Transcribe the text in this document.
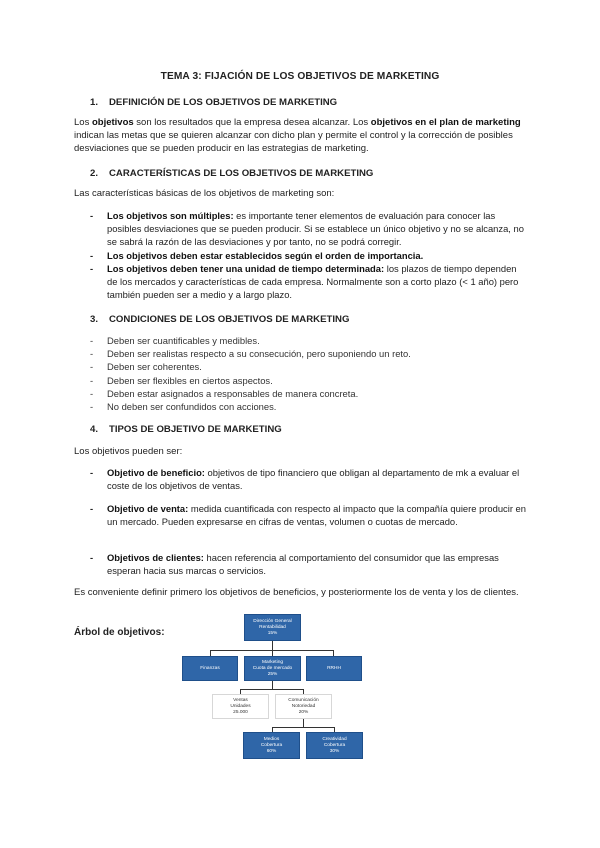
TEMA 3: FIJACIÓN DE LOS OBJETIVOS DE MARKETING
1. DEFINICIÓN DE LOS OBJETIVOS DE MARKETING
Los objetivos son los resultados que la empresa desea alcanzar. Los objetivos en el plan de marketing indican las metas que se quieren alcanzar con dicho plan y permite el control y la corrección de posibles desviaciones que se pueden producir en las estrategias de marketing.
2. CARACTERÍSTICAS DE LOS OBJETIVOS DE MARKETING
Las características básicas de los objetivos de marketing son:
- Los objetivos son múltiples: es importante tener elementos de evaluación para conocer las posibles desviaciones que se pueden producir. Si se establece un único objetivo y no se alcanza, no se sabrá la razón de las desviaciones y por tanto, no se podrá corregir.
- Los objetivos deben estar establecidos según el orden de importancia.
- Los objetivos deben tener una unidad de tiempo determinada: los plazos de tiempo dependen de los mercados y características de cada empresa. Normalmente son a corto plazo (< 1 año) pero también pueden ser a medio y a largo plazo.
3. CONDICIONES DE LOS OBJETIVOS DE MARKETING
- Deben ser cuantificables y medibles.
- Deben ser realistas respecto a su consecución, pero suponiendo un reto.
- Deben ser coherentes.
- Deben ser flexibles en ciertos aspectos.
- Deben estar asignados a responsables de manera concreta.
- No deben ser confundidos con acciones.
4. TIPOS DE OBJETIVO DE MARKETING
Los objetivos pueden ser:
- Objetivo de beneficio: objetivos de tipo financiero que obligan al departamento de mk a evaluar el coste de los objetivos de ventas.
- Objetivo de venta: medida cuantificada con respecto al impacto que la compañía quiere producir en un mercado. Pueden expresarse en cifras de ventas, volumen o cuotas de mercado.
- Objetivos de clientes: hacen referencia al comportamiento del consumidor que las empresas esperan hacia sus marcas o servicios.
Es conveniente definir primero los objetivos de beneficios, y posteriormente los de venta y los de clientes.
Árbol de objetivos:
Dirección General
Rentabilidad
15%
Finanzas
Marketing
Cuota de mercado
25%
RRHH
Ventas
Unidades
25.000
Comunicación
Notoriedad
20%
Medios
Cobertura
60%
Creatividad
Cobertura
30%
